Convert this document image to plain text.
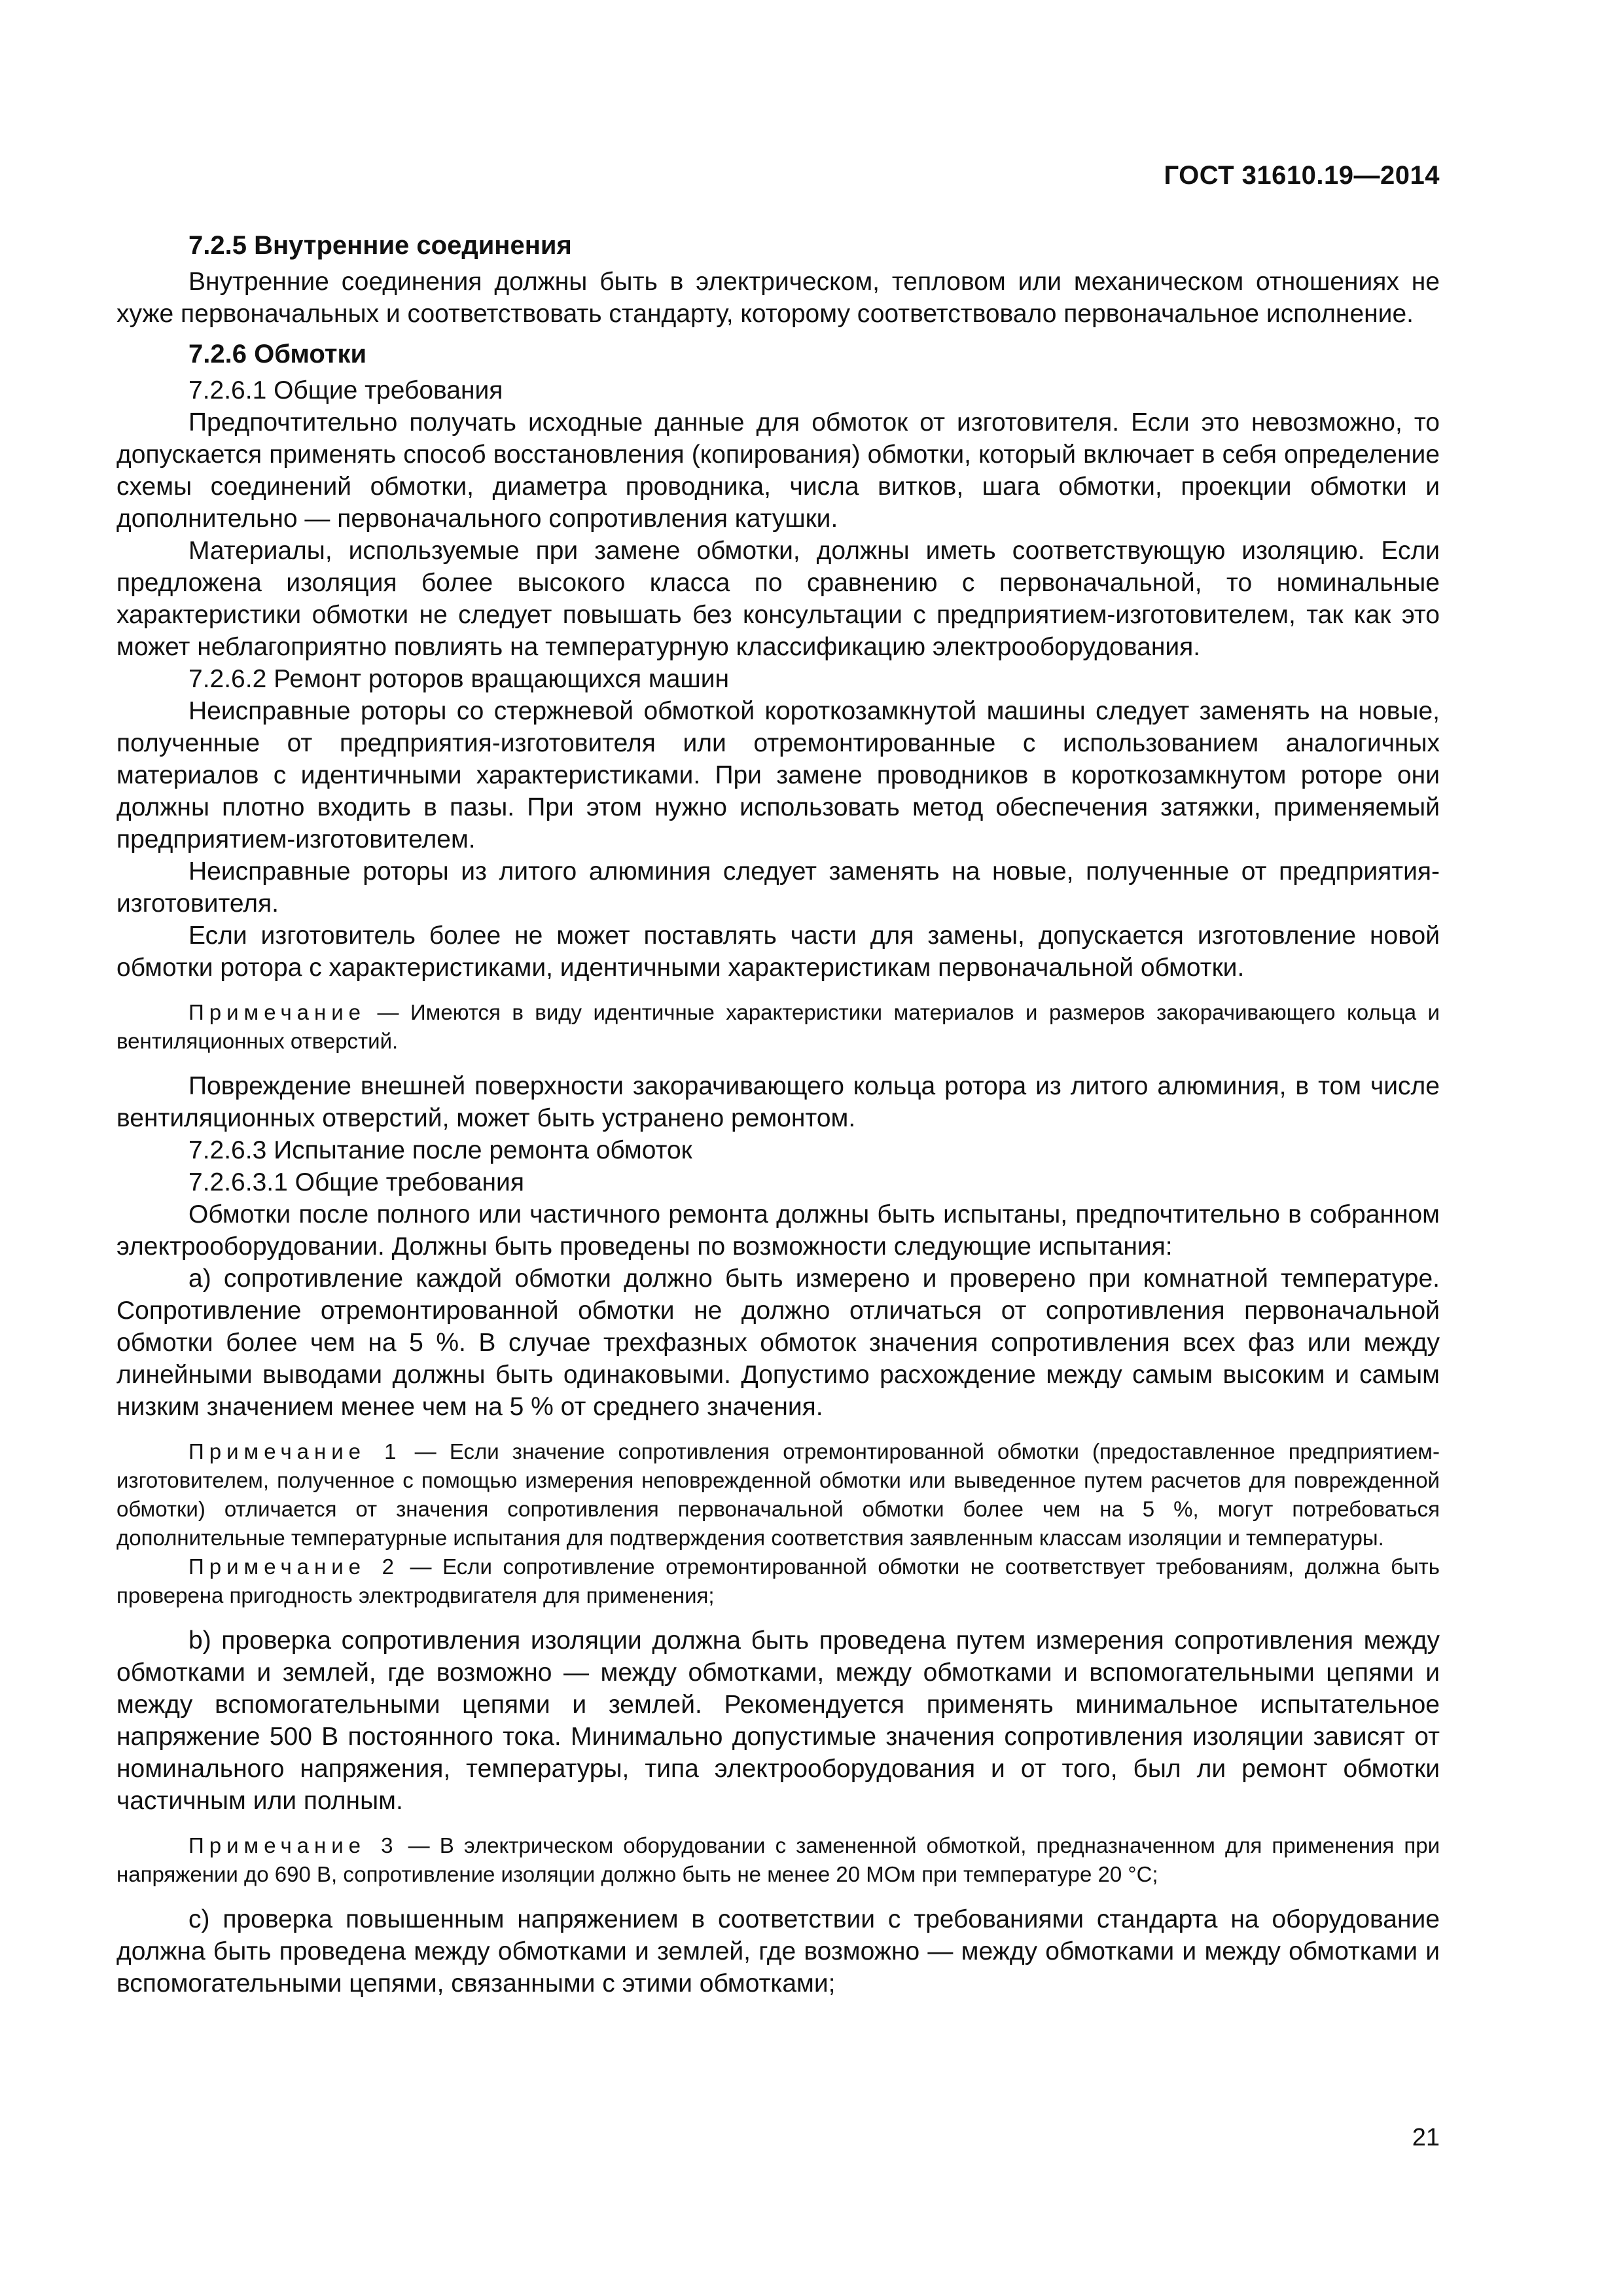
ГОСТ 31610.19—2014
7.2.5 Внутренние соединения

Внутренние соединения должны быть в электрическом, тепловом или механическом отношениях не хуже первоначальных и соответствовать стандарту, которому соответствовало первоначальное исполнение.

7.2.6 Обмотки

7.2.6.1 Общие требования

Предпочтительно получать исходные данные для обмоток от изготовителя. Если это невозможно, то допускается применять способ восстановления (копирования) обмотки, который включает в себя определение схемы соединений обмотки, диаметра проводника, числа витков, шага обмотки, проекции обмотки и дополнительно — первоначального сопротивления катушки.

Материалы, используемые при замене обмотки, должны иметь соответствующую изоляцию. Если предложена изоляция более высокого класса по сравнению с первоначальной, то номинальные характеристики обмотки не следует повышать без консультации с предприятием-изготовителем, так как это может неблагоприятно повлиять на температурную классификацию электрооборудования.

7.2.6.2 Ремонт роторов вращающихся машин

Неисправные роторы со стержневой обмоткой короткозамкнутой машины следует заменять на новые, полученные от предприятия-изготовителя или отремонтированные с использованием аналогичных материалов с идентичными характеристиками. При замене проводников в короткозамкнутом роторе они должны плотно входить в пазы. При этом нужно использовать метод обеспечения затяжки, применяемый предприятием-изготовителем.

Неисправные роторы из литого алюминия следует заменять на новые, полученные от предприятия-изготовителя.

Если изготовитель более не может поставлять части для замены, допускается изготовление новой обмотки ротора с характеристиками, идентичными характеристикам первоначальной обмотки.

Примечание — Имеются в виду идентичные характеристики материалов и размеров закорачивающего кольца и вентиляционных отверстий.

Повреждение внешней поверхности закорачивающего кольца ротора из литого алюминия, в том числе вентиляционных отверстий, может быть устранено ремонтом.

7.2.6.3 Испытание после ремонта обмоток

7.2.6.3.1 Общие требования

Обмотки после полного или частичного ремонта должны быть испытаны, предпочтительно в собранном электрооборудовании. Должны быть проведены по возможности следующие испытания:

a) сопротивление каждой обмотки должно быть измерено и проверено при комнатной температуре. Сопротивление отремонтированной обмотки не должно отличаться от сопротивления первоначальной обмотки более чем на 5 %. В случае трехфазных обмоток значения сопротивления всех фаз или между линейными выводами должны быть одинаковыми. Допустимо расхождение между самым высоким и самым низким значением менее чем на 5 % от среднего значения.

Примечание 1 — Если значение сопротивления отремонтированной обмотки (предоставленное предприятием-изготовителем, полученное с помощью измерения неповрежденной обмотки или выведенное путем расчетов для поврежденной обмотки) отличается от значения сопротивления первоначальной обмотки более чем на 5 %, могут потребоваться дополнительные температурные испытания для подтверждения соответствия заявленным классам изоляции и температуры.

Примечание 2 — Если сопротивление отремонтированной обмотки не соответствует требованиям, должна быть проверена пригодность электродвигателя для применения;

b) проверка сопротивления изоляции должна быть проведена путем измерения сопротивления между обмотками и землей, где возможно — между обмотками, между обмотками и вспомогательными цепями и между вспомогательными цепями и землей. Рекомендуется применять минимальное испытательное напряжение 500 В постоянного тока. Минимально допустимые значения сопротивления изоляции зависят от номинального напряжения, температуры, типа электрооборудования и от того, был ли ремонт обмотки частичным или полным.

Примечание 3 — В электрическом оборудовании с замененной обмоткой, предназначенном для применения при напряжении до 690 В, сопротивление изоляции должно быть не менее 20 МОм при температуре 20 °С;

c) проверка повышенным напряжением в соответствии с требованиями стандарта на оборудование должна быть проведена между обмотками и землей, где возможно — между обмотками и между обмотками и вспомогательными цепями, связанными с этими обмотками;

21
